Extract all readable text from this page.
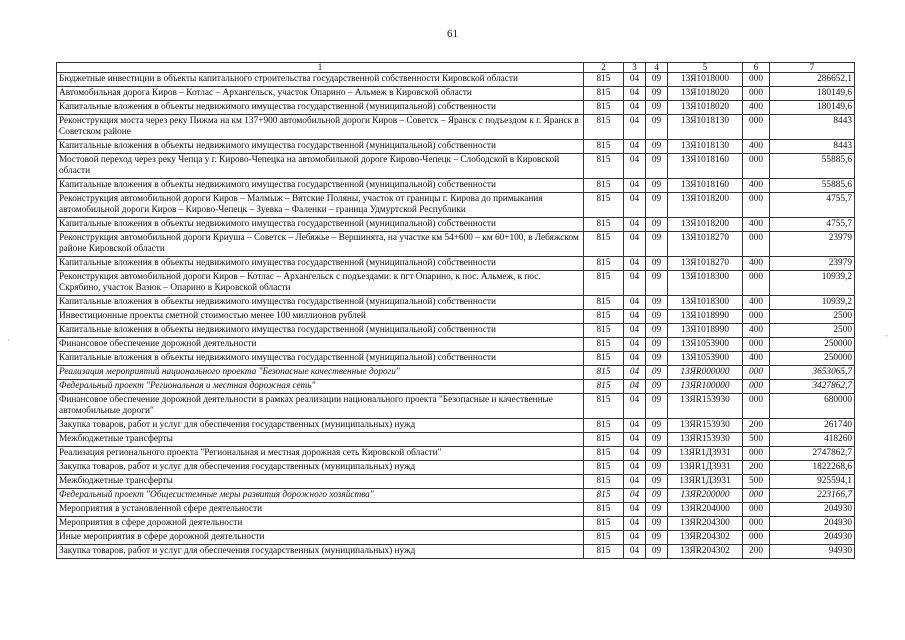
61
1	2	3	4	5	6	7
Бюджетные инвестиции в объекты капитального строительства государственной собственности Кировской области	815	04	09	13Я1018000	000	286652,1
Автомобильная дорога Киров – Котлас – Архангельск, участок Опарино – Альмеж в Кировской области	815	04	09	13Я1018020	000	180149,6
Капитальные вложения в объекты недвижимого имущества государственной (муниципальной) собственности	815	04	09	13Я1018020	400	180149,6
Реконструкция моста через реку Пижма на км 137+900 автомобильной дороги Киров – Советск – Яранск с подъездом к г. Яранск в Советском районе	815	04	09	13Я1018130	000	8443
Капитальные вложения в объекты недвижимого имущества государственной (муниципальной) собственности	815	04	09	13Я1018130	400	8443
Мостовой переход через реку Чепца у г. Кирово-Чепецка на автомобильной дороге Кирово-Чепецк – Слободской в Кировской области	815	04	09	13Я1018160	000	55885,6
Капитальные вложения в объекты недвижимого имущества государственной (муниципальной) собственности	815	04	09	13Я1018160	400	55885,6
Реконструкция автомобильной дороги Киров – Малмыж – Вятские Поляны, участок от границы г. Кирова до примыкания автомобильной дороги Киров – Кирово-Чепецк – Зуевка – Фаленки – граница Удмуртской Республики	815	04	09	13Я1018200	000	4755,7
Капитальные вложения в объекты недвижимого имущества государственной (муниципальной) собственности	815	04	09	13Я1018200	400	4755,7
Реконструкция автомобильной дороги Криуша – Советск – Лебяжье – Вершинята, на участке км 54+600 – км 60+100, в Лебяжском районе Кировской области	815	04	09	13Я1018270	000	23979
Капитальные вложения в объекты недвижимого имущества государственной (муниципальной) собственности	815	04	09	13Я1018270	400	23979
Реконструкция автомобильной дороги Киров – Котлас – Архангельск с подъездами: к пгт Опарино, к пос. Альмеж, к пос. Скрябино, участок Вазюк – Опарино в Кировской области	815	04	09	13Я1018300	000	10939,2
Капитальные вложения в объекты недвижимого имущества государственной (муниципальной) собственности	815	04	09	13Я1018300	400	10939,2
Инвестиционные проекты сметной стоимостью менее 100 миллионов рублей	815	04	09	13Я1018990	000	2500
Капитальные вложения в объекты недвижимого имущества государственной (муниципальной) собственности	815	04	09	13Я1018990	400	2500
Финансовое обеспечение дорожной деятельности	815	04	09	13Я1053900	000	250000
Капитальные вложения в объекты недвижимого имущества государственной (муниципальной) собственности	815	04	09	13Я1053900	400	250000
Реализация мероприятий национального проекта "Безопасные качественные дороги"	815	04	09	13ЯR000000	000	3653065,7
Федеральный проект "Региональная и местная дорожная сеть"	815	04	09	13ЯR100000	000	3427862,7
Финансовое обеспечение дорожной деятельности в рамках реализации национального проекта "Безопасные и качественные автомобильные дороги"	815	04	09	13ЯR153930	000	680000
Закупка товаров, работ и услуг для обеспечения государственных (муниципальных) нужд	815	04	09	13ЯR153930	200	261740
Межбюджетные трансферты	815	04	09	13ЯR153930	500	418260
Реализация регионального проекта "Региональная и местная дорожная сеть Кировской области"	815	04	09	13ЯR1Д3931	000	2747862,7
Закупка товаров, работ и услуг для обеспечения государственных (муниципальных) нужд	815	04	09	13ЯR1Д3931	200	1822268,6
Межбюджетные трансферты	815	04	09	13ЯR1Д3931	500	925594,1
Федеральный проект "Общесистемные меры развития дорожного хозяйства"	815	04	09	13ЯR200000	000	223166,7
Мероприятия в установленной сфере деятельности	815	04	09	13ЯR204000	000	204930
Мероприятия в сфере дорожной деятельности	815	04	09	13ЯR204300	000	204930
Иные мероприятия в сфере дорожной деятельности	815	04	09	13ЯR204302	000	204930
Закупка товаров, работ и услуг для обеспечения государственных (муниципальных) нужд	815	04	09	13ЯR204302	200	94930
-
·
